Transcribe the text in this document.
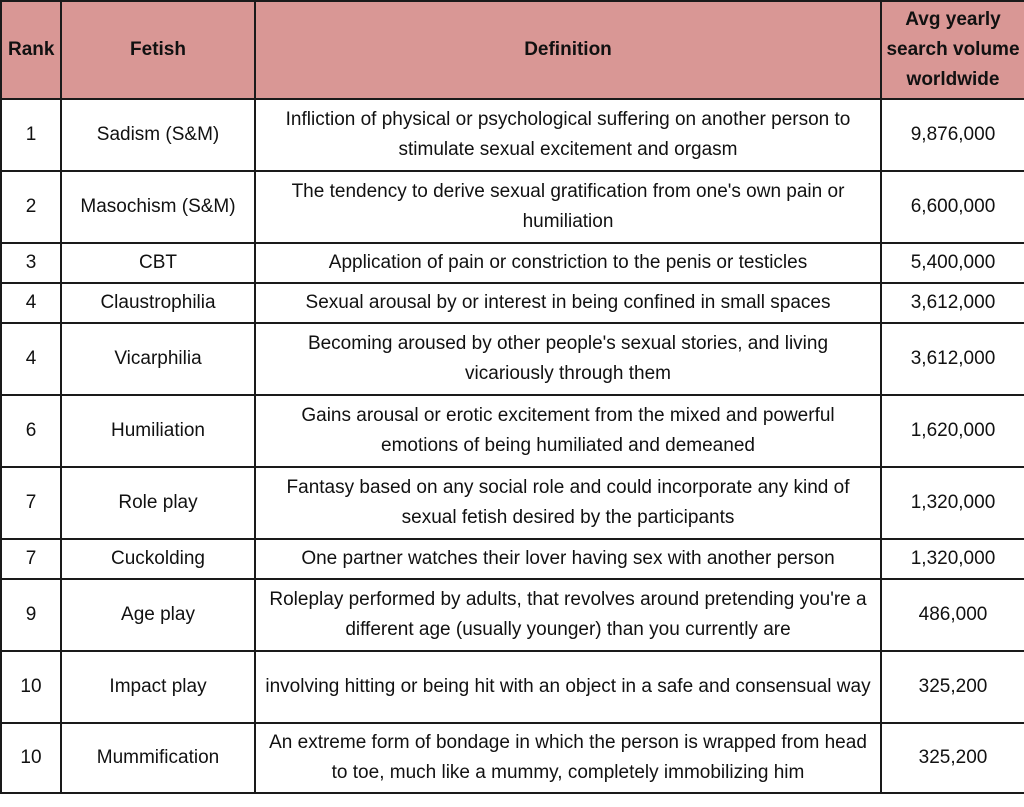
Rank	Fetish	Definition	Avg yearly search volume worldwide
1	Sadism (S&M)	Infliction of physical or psychological suffering on another person to stimulate sexual excitement and orgasm	9,876,000
2	Masochism (S&M)	The tendency to derive sexual gratification from one's own pain or humiliation	6,600,000
3	CBT	Application of pain or constriction to the penis or testicles	5,400,000
4	Claustrophilia	Sexual arousal by or interest in being confined in small spaces	3,612,000
4	Vicarphilia	Becoming aroused by other people's sexual stories, and living vicariously through them	3,612,000
6	Humiliation	Gains arousal or erotic excitement from the mixed and powerful emotions of being humiliated and demeaned	1,620,000
7	Role play	Fantasy based on any social role and could incorporate any kind of sexual fetish desired by the participants	1,320,000
7	Cuckolding	One partner watches their lover having sex with another person	1,320,000
9	Age play	Roleplay performed by adults, that revolves around pretending you're a different age (usually younger) than you currently are	486,000
10	Impact play	involving hitting or being hit with an object in a safe and consensual way	325,200
10	Mummification	An extreme form of bondage in which the person is wrapped from head to toe, much like a mummy, completely immobilizing him	325,200
